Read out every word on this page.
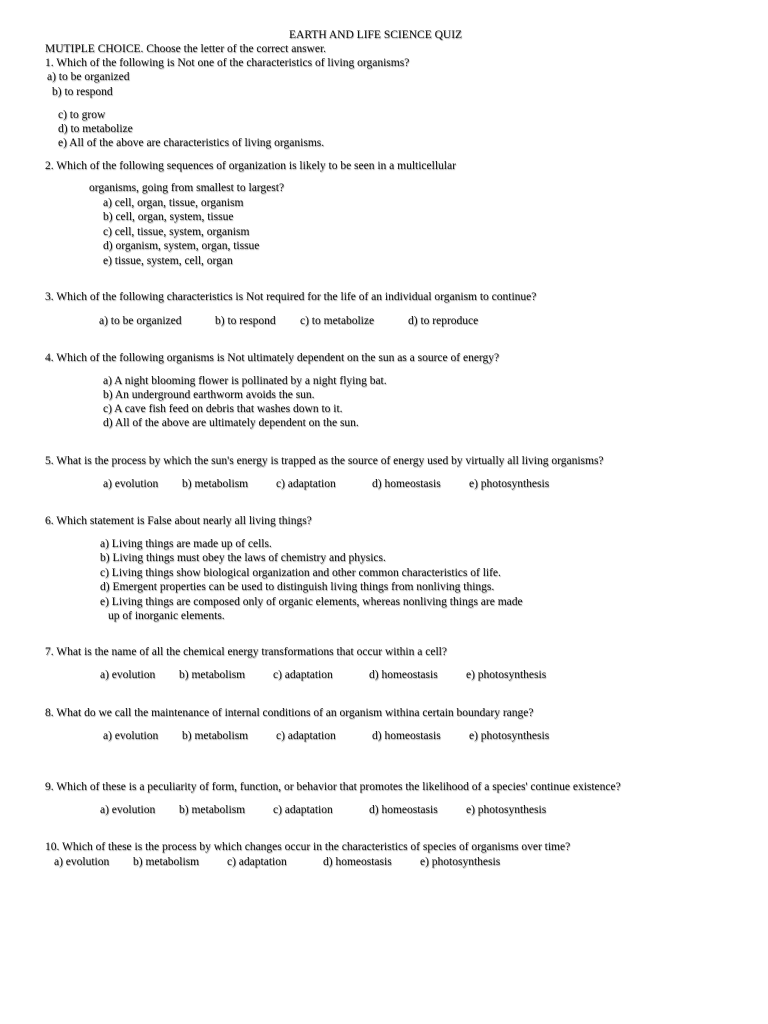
EARTH AND LIFE SCIENCE QUIZ
MUTIPLE CHOICE. Choose the letter of the correct answer.
1. Which of the following is Not one of the characteristics of living organisms?
a) to be organized
b) to respond
c) to grow
d) to metabolize
e) All of the above are characteristics of living organisms.
2. Which of the following sequences of organization is likely to be seen in a multicellular
organisms, going from smallest to largest?
a) cell, organ, tissue, organism
b) cell, organ, system, tissue
c) cell, tissue, system, organism
d) organism, system, organ, tissue
e) tissue, system, cell, organ
3. Which of the following characteristics is Not required for the life of an individual organism to continue?
a) to be organized	b) to respond c) to metabolize	d) to reproduce
4. Which of the following organisms is Not ultimately dependent on the sun as a source of energy?
a) A night blooming flower is pollinated by a night flying bat.
b) An underground earthworm avoids the sun.
c) A cave fish feed on debris that washes down to it.
d) All of the above are ultimately dependent on the sun.
5. What is the process by which the sun's energy is trapped as the source of energy used by virtually all living organisms?
a) evolution b) metabolism c) adaptation	d) homeostasis e) photosynthesis
6. Which statement is False about nearly all living things?
a) Living things are made up of cells.
b) Living things must obey the laws of chemistry and physics.
c) Living things show biological organization and other common characteristics of life.
d) Emergent properties can be used to distinguish living things from nonliving things.
e) Living things are composed only of organic elements, whereas nonliving things are made
up of inorganic elements.
7. What is the name of all the chemical energy transformations that occur within a cell?
a) evolution b) metabolism c) adaptation	d) homeostasis e) photosynthesis
8. What do we call the maintenance of internal conditions of an organism withina certain boundary range?
a) evolution b) metabolism c) adaptation	d) homeostasis e) photosynthesis
9. Which of these is a peculiarity of form, function, or behavior that promotes the likelihood of a species' continue existence?
a) evolution b) metabolism c) adaptation	d) homeostasis e) photosynthesis
10. Which of these is the process by which changes occur in the characteristics of species of organisms over time?
a) evolution b) metabolism c) adaptation	d) homeostasis e) photosynthesis
